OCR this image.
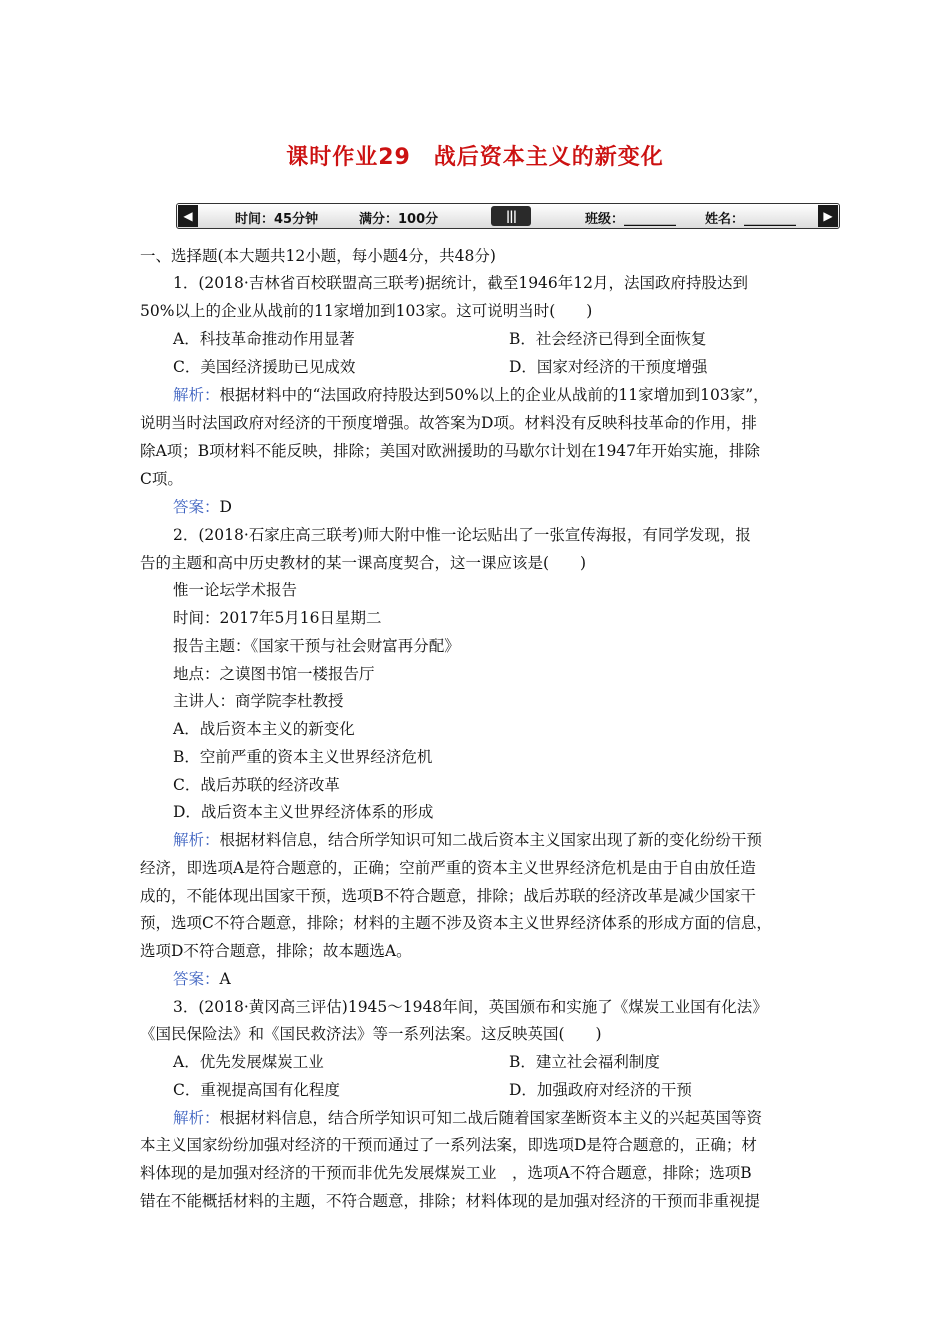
课时作业29　战后资本主义的新变化
◀	时间：45分钟	满分：100分	|||	班级：________ 姓名：________	▶
一、选择题(本大题共12小题，每小题4分，共48分)
1．(2018·吉林省百校联盟高三联考)据统计，截至1946年12月，法国政府持股达到
50%以上的企业从战前的11家增加到103家。这可说明当时(　　)
A．科技革命推动作用显著	B．社会经济已得到全面恢复
C．美国经济援助已见成效	D．国家对经济的干预度增强
解析：根据材料中的“法国政府持股达到50%以上的企业从战前的11家增加到103家”，
说明当时法国政府对经济的干预度增强。故答案为D项。材料没有反映科技革命的作用，排
除A项；B项材料不能反映，排除；美国对欧洲援助的马歇尔计划在1947年开始实施，排除
C项。
答案：D
2．(2018·石家庄高三联考)师大附中惟一论坛贴出了一张宣传海报，有同学发现，报
告的主题和高中历史教材的某一课高度契合，这一课应该是(　　)
惟一论坛学术报告
时间：2017年5月16日星期二
报告主题：《国家干预与社会财富再分配》
地点：之谟图书馆一楼报告厅
主讲人：商学院李杜教授
A．战后资本主义的新变化
B．空前严重的资本主义世界经济危机
C．战后苏联的经济改革
D．战后资本主义世界经济体系的形成
解析：根据材料信息，结合所学知识可知二战后资本主义国家出现了新的变化纷纷干预
经济，即选项A是符合题意的，正确；空前严重的资本主义世界经济危机是由于自由放任造
成的，不能体现出国家干预，选项B不符合题意，排除；战后苏联的经济改革是减少国家干
预，选项C不符合题意，排除；材料的主题不涉及资本主义世界经济体系的形成方面的信息，
选项D不符合题意，排除；故本题选A。
答案：A
3．(2018·黄冈高三评估)1945～1948年间，英国颁布和实施了《煤炭工业国有化法》
《国民保险法》和《国民救济法》等一系列法案。这反映英国(　　)
A．优先发展煤炭工业	B．建立社会福利制度
C．重视提高国有化程度	D．加强政府对经济的干预
解析：根据材料信息，结合所学知识可知二战后随着国家垄断资本主义的兴起英国等资
本主义国家纷纷加强对经济的干预而通过了一系列法案，即选项D是符合题意的，正确；材
料体现的是加强对经济的干预而非优先发展煤炭工业　，选项A不符合题意，排除；选项B
错在不能概括材料的主题，不符合题意，排除；材料体现的是加强对经济的干预而非重视提
